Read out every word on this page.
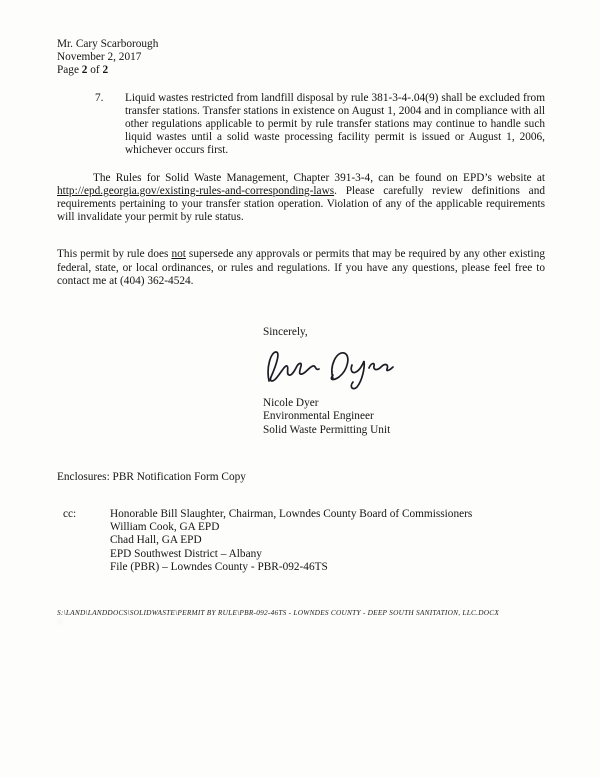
Mr. Cary Scarborough
November 2, 2017
Page 2 of 2
7.	Liquid wastes restricted from landfill disposal by rule 381-3-4-.04(9) shall be excluded from transfer stations. Transfer stations in existence on August 1, 2004 and in compliance with all other regulations applicable to permit by rule transfer stations may continue to handle such liquid wastes until a solid waste processing facility permit is issued or August 1, 2006, whichever occurs first.

The Rules for Solid Waste Management, Chapter 391-3-4, can be found on EPD’s website at http://epd.georgia.gov/existing-rules-and-corresponding-laws. Please carefully review definitions and requirements pertaining to your transfer station operation. Violation of any of the applicable requirements will invalidate your permit by rule status.

This permit by rule does not supersede any approvals or permits that may be required by any other existing federal, state, or local ordinances, or rules and regulations. If you have any questions, please feel free to contact me at (404) 362-4524.

Sincerely,
Nicole Dyer
Environmental Engineer
Solid Waste Permitting Unit
Enclosures: PBR Notification Form Copy
cc:	Honorable Bill Slaughter, Chairman, Lowndes County Board of Commissioners
William Cook, GA EPD
Chad Hall, GA EPD
EPD Southwest District – Albany
File (PBR) – Lowndes County - PBR-092-46TS
S:\LAND\LANDDOCS\SOLIDWASTE\PERMIT BY RULE\PBR-092-46TS - LOWNDES COUNTY - DEEP SOUTH SANITATION, LLC.DOCX
